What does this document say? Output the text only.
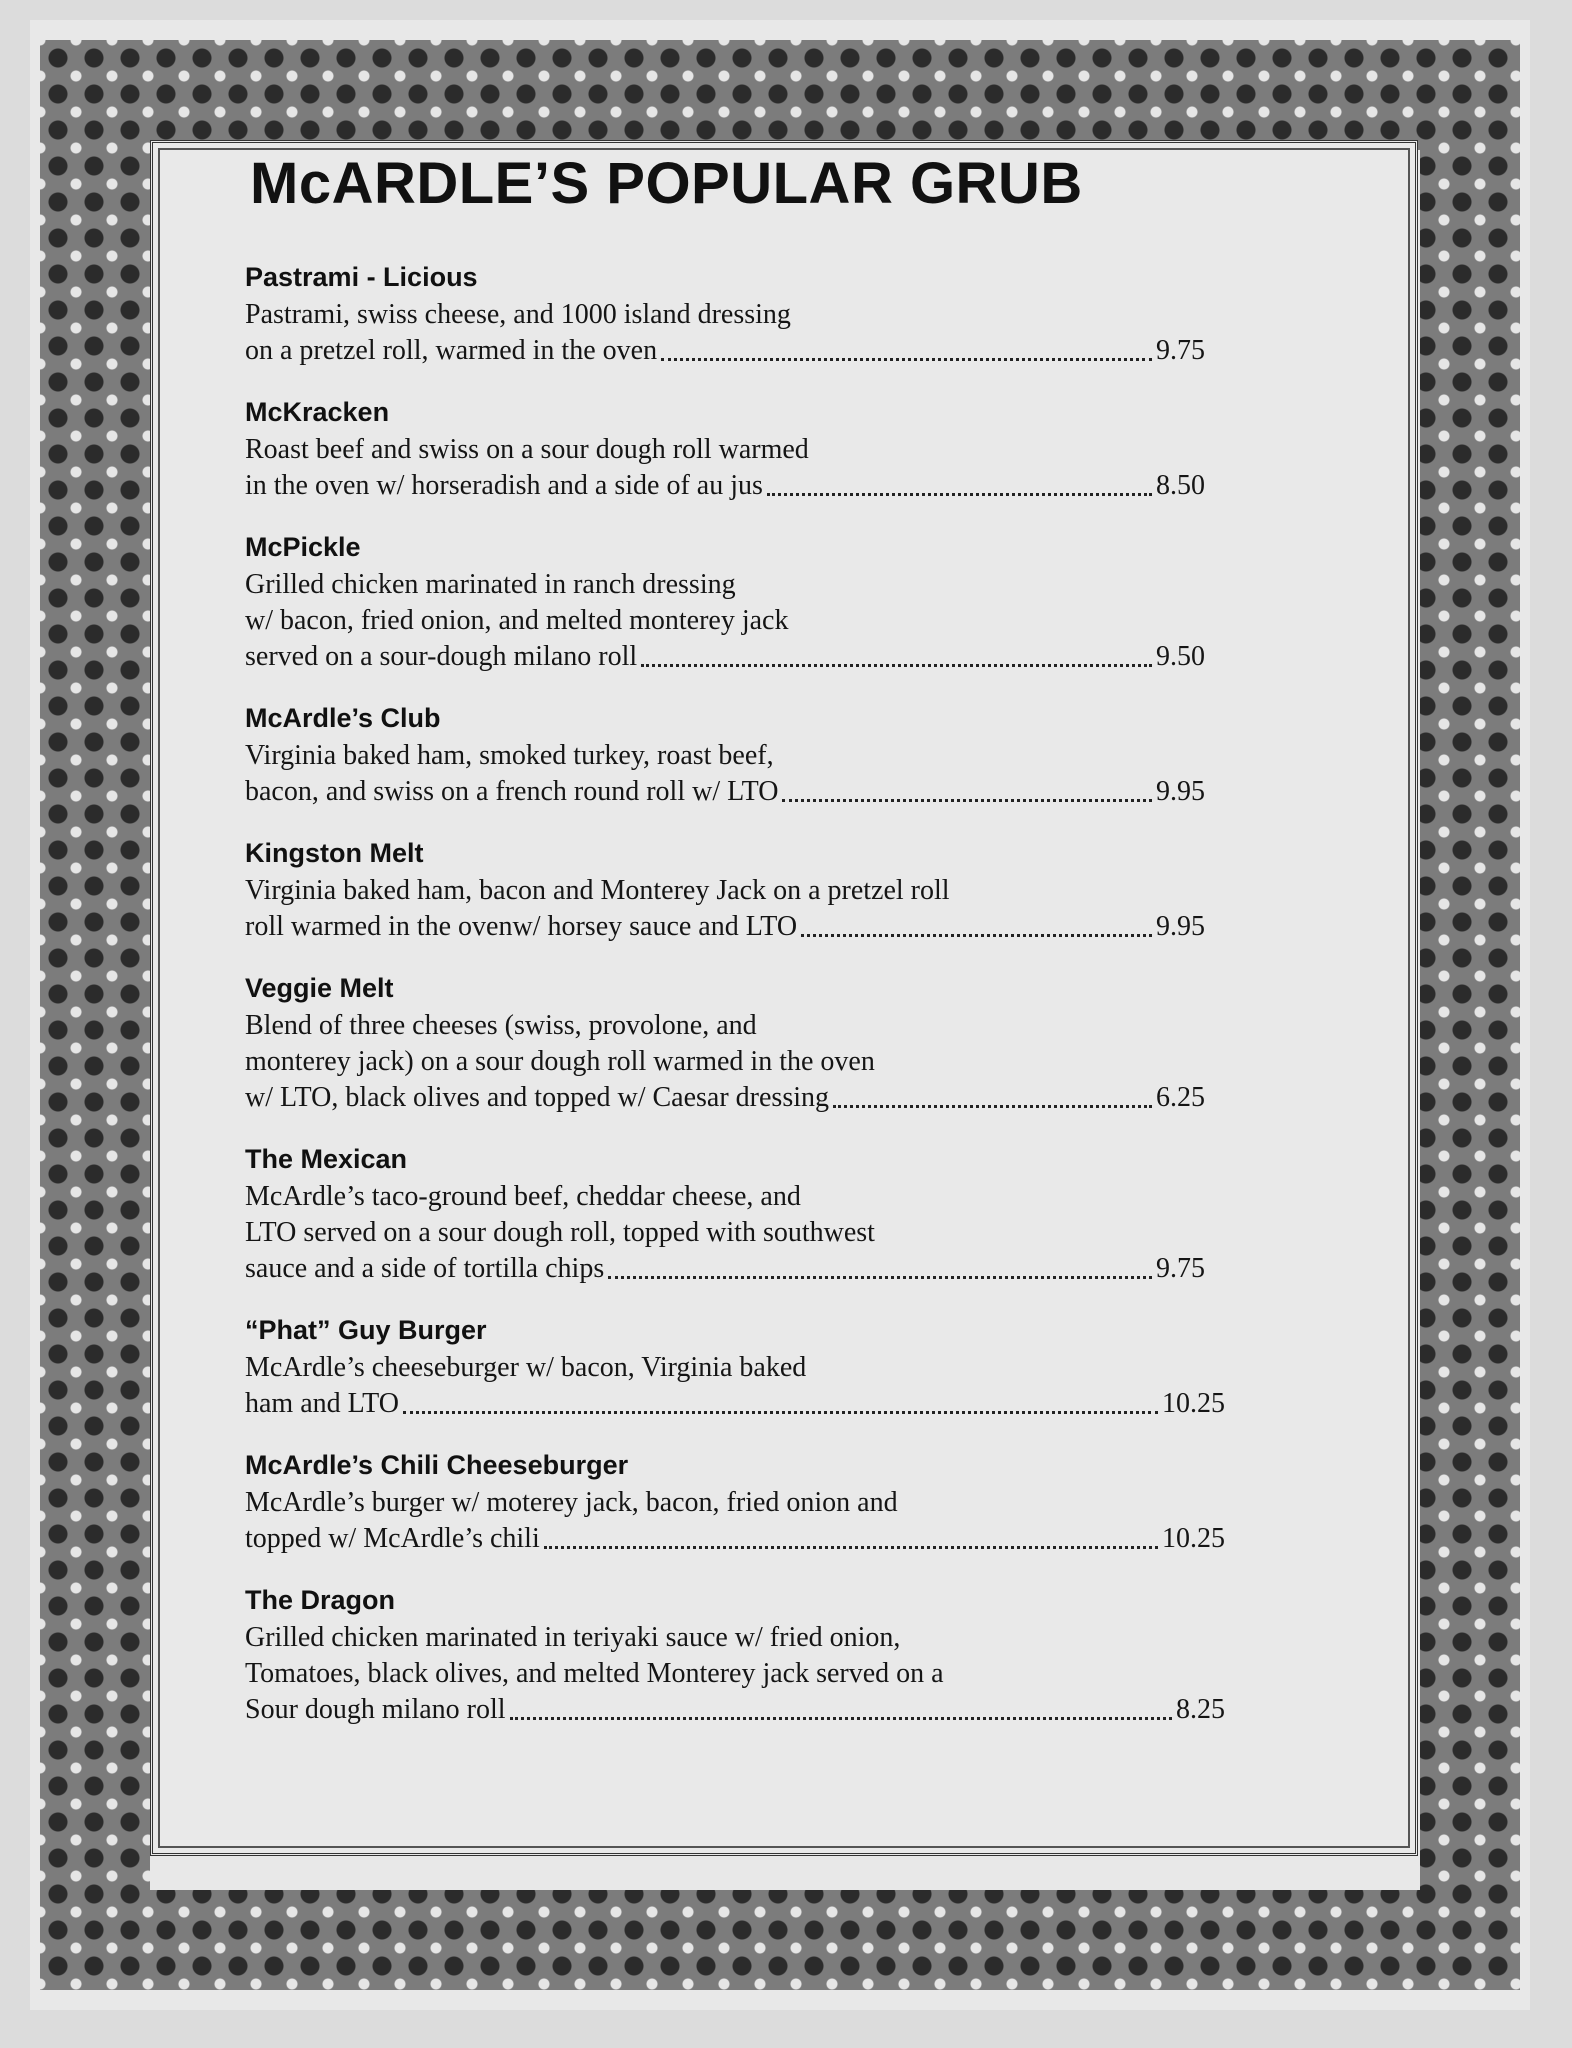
McARDLE’S POPULAR GRUB
Pastrami - Licious
Pastrami, swiss cheese, and 1000 island dressing
on a pretzel roll, warmed in the oven	9.75
McKracken
Roast beef and swiss on a sour dough roll warmed
in the oven w/ horseradish and a side of au jus	8.50
McPickle
Grilled chicken marinated in ranch dressing
w/ bacon, fried onion, and melted monterey jack
served on a sour-dough milano roll	9.50
McArdle’s Club
Virginia baked ham, smoked turkey, roast beef,
bacon, and swiss on a french round roll w/ LTO	9.95
Kingston Melt
Virginia baked ham, bacon and Monterey Jack on a pretzel roll
roll warmed in the ovenw/ horsey sauce and LTO	9.95
Veggie Melt
Blend of three cheeses (swiss, provolone, and
monterey jack) on a sour dough roll warmed in the oven
w/ LTO, black olives and topped w/ Caesar dressing	6.25
The Mexican
McArdle’s taco-ground beef, cheddar cheese, and
LTO served on a sour dough roll, topped with southwest
sauce and a side of tortilla chips	9.75
“Phat” Guy Burger
McArdle’s cheeseburger w/ bacon, Virginia baked
ham and LTO	10.25
McArdle’s Chili Cheeseburger
McArdle’s burger w/ moterey jack, bacon, fried onion and
topped w/ McArdle’s chili	10.25
The Dragon
Grilled chicken marinated in teriyaki sauce w/ fried onion,
Tomatoes, black olives, and melted Monterey jack served on a
Sour dough milano roll	8.25
